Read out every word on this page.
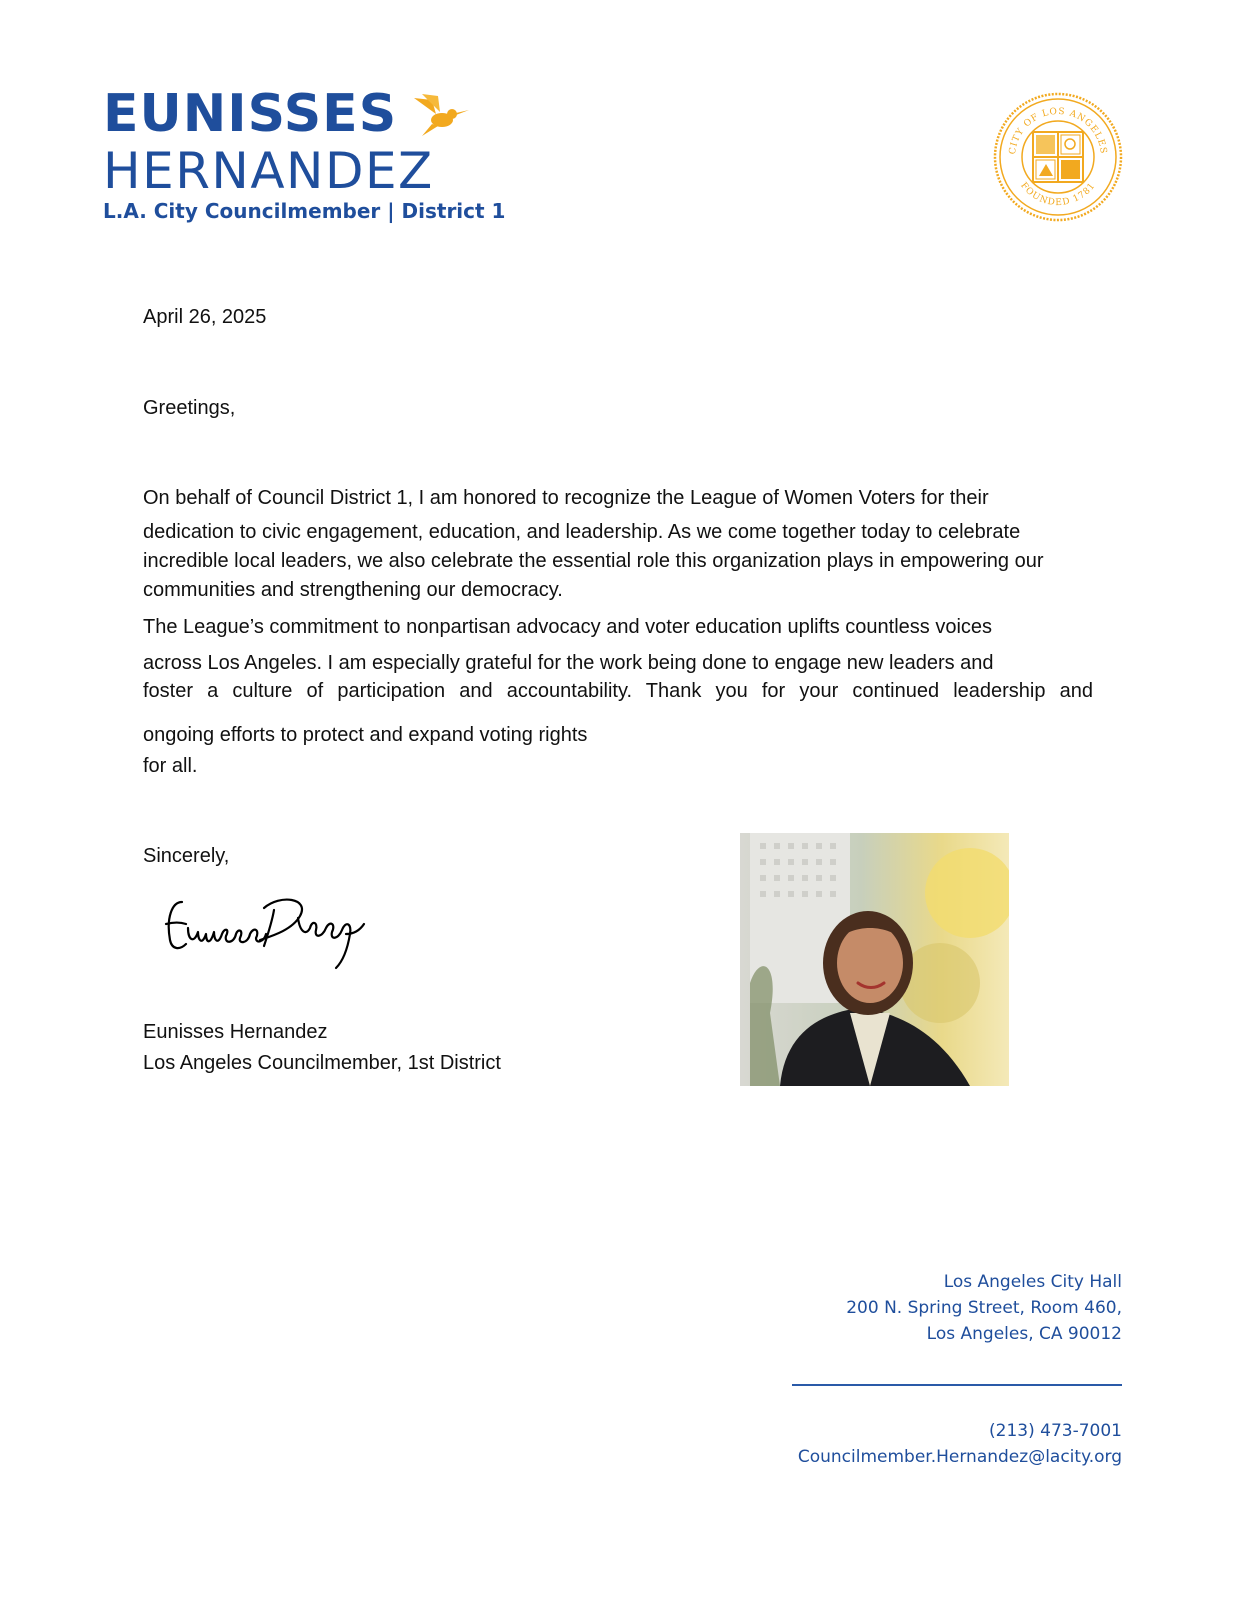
EUNISSES
HERNANDEZ
L.A. City Councilmember | District 1
CITY OF LOS ANGELES
FOUNDED 1781

April 26, 2025

Greetings,

On behalf of Council District 1, I am honored to recognize the League of Women Voters for their

dedication to civic engagement, education, and leadership. As we come together today to celebrate incredible local leaders, we also celebrate the essential role this organization plays in empowering our communities and strengthening our democracy.

The League’s commitment to nonpartisan advocacy and voter education uplifts countless voices

across Los Angeles. I am especially grateful for the work being done to engage new leaders and

foster a culture of participation and accountability. Thank you for your continued leadership and

ongoing efforts to protect and expand voting rights

for all.

Sincerely,

Eunisses Hernandez

Los Angeles Councilmember, 1st District

Los Angeles City Hall
200 N. Spring Street, Room 460,
Los Angeles, CA 90012
(213) 473-7001
Councilmember.Hernandez@lacity.org
